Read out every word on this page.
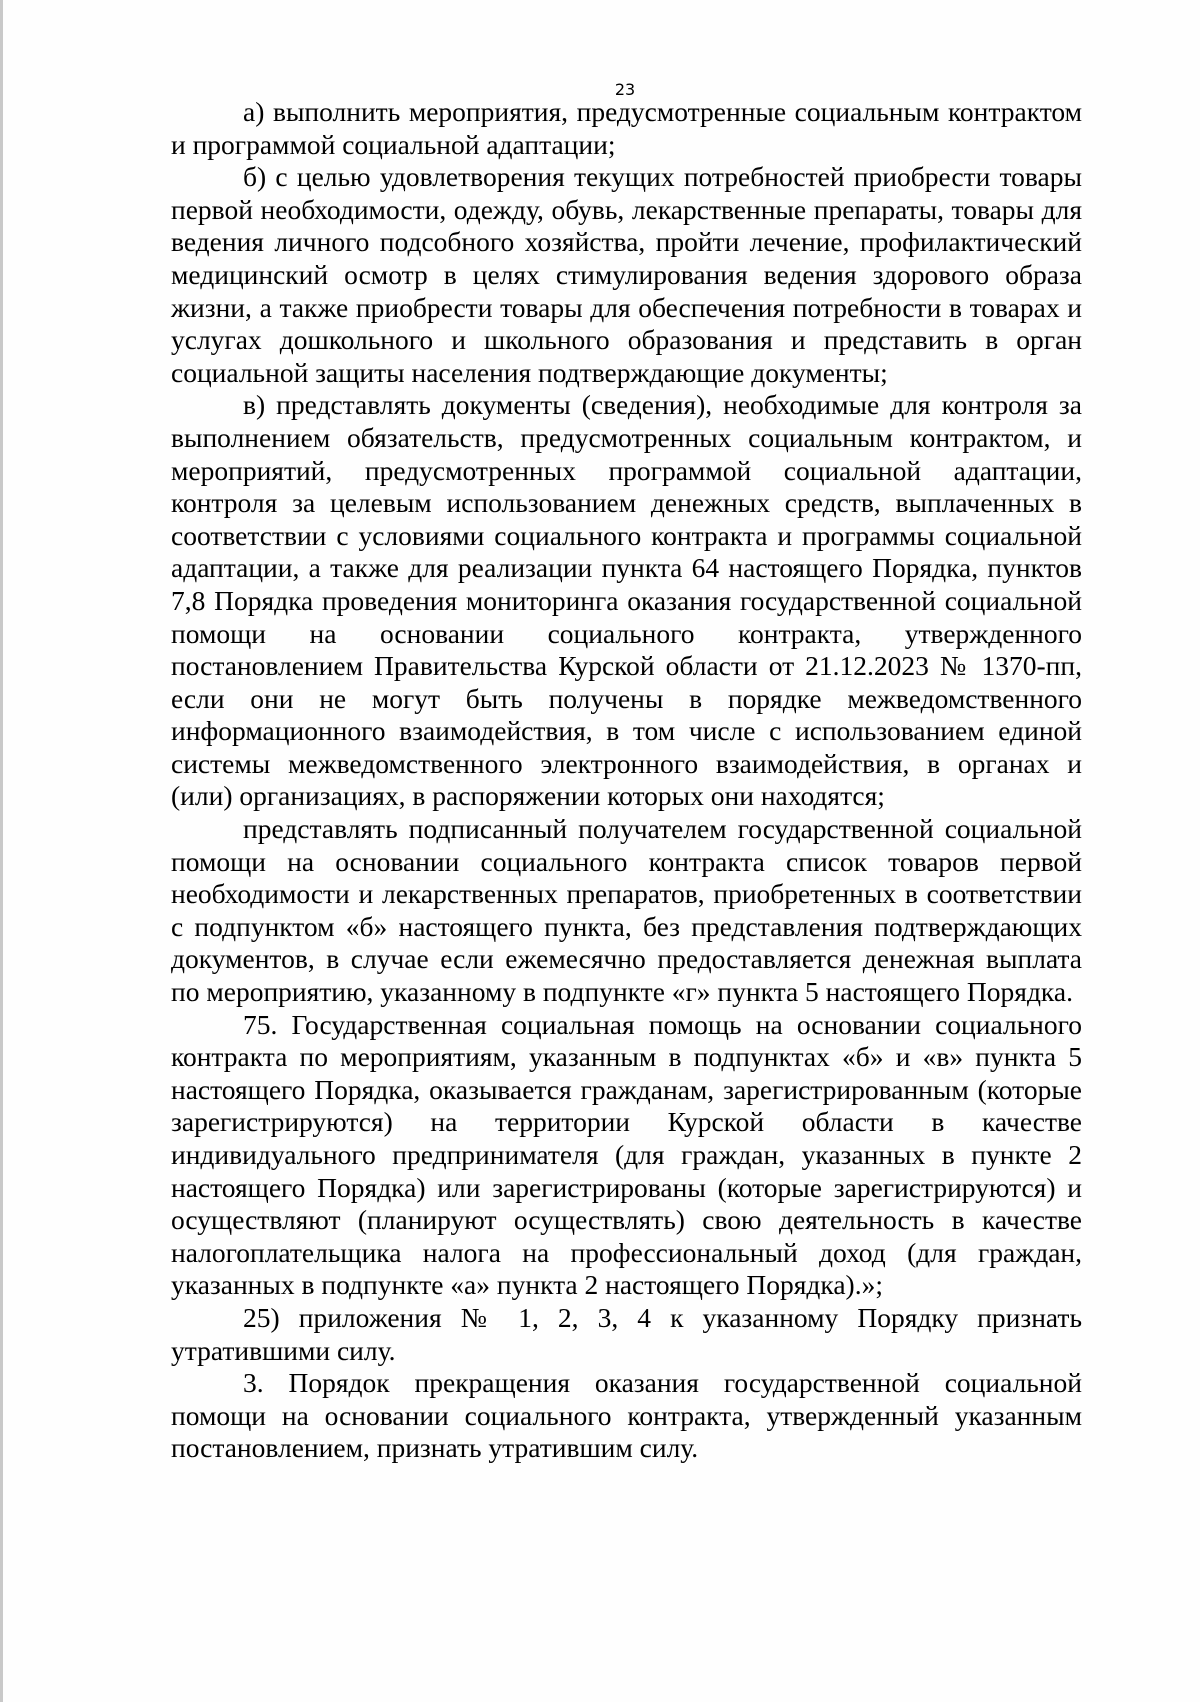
23

а) выполнить мероприятия, предусмотренные социальным контрактом и программой социальной адаптации;

б) с целью удовлетворения текущих потребностей приобрести товары первой необходимости, одежду, обувь, лекарственные препараты, товары для ведения личного подсобного хозяйства, пройти лечение, профилактический медицинский осмотр в целях стимулирования ведения здорового образа жизни, а также приобрести товары для обеспечения потребности в товарах и услугах дошкольного и школьного образования и представить в орган социальной защиты населения подтверждающие документы;

в) представлять документы (сведения), необходимые для контроля за выполнением обязательств, предусмотренных социальным контрактом, и мероприятий, предусмотренных программой социальной адаптации, контроля за целевым использованием денежных средств, выплаченных в соответствии с условиями социального контракта и программы социальной адаптации, а также для реализации пункта 64 настоящего Порядка, пунктов 7,8 Порядка проведения мониторинга оказания государственной социальной помощи на основании социального контракта, утвержденного постановлением Правительства Курской области от 21.12.2023 № 1370-пп, если они не могут быть получены в порядке межведомственного информационного взаимодействия, в том числе с использованием единой системы межведомственного электронного взаимодействия, в органах и (или) организациях, в распоряжении которых они находятся;

представлять подписанный получателем государственной социальной помощи на основании социального контракта список товаров первой необходимости и лекарственных препаратов, приобретенных в соответствии с подпунктом «б» настоящего пункта, без представления подтверждающих документов, в случае если ежемесячно предоставляется денежная выплата по мероприятию, указанному в подпункте «г» пункта 5 настоящего Порядка.

75. Государственная социальная помощь на основании социального контракта по мероприятиям, указанным в подпунктах «б» и «в» пункта 5 настоящего Порядка, оказывается гражданам, зарегистрированным (которые зарегистрируются) на территории Курской области в качестве индивидуального предпринимателя (для граждан, указанных в пункте 2 настоящего Порядка) или зарегистрированы (которые зарегистрируются) и осуществляют (планируют осуществлять) свою деятельность в качестве налогоплательщика налога на профессиональный доход (для граждан, указанных в подпункте «а» пункта 2 настоящего Порядка).»;

25) приложения № 1, 2, 3, 4 к указанному Порядку признать утратившими силу.

3. Порядок прекращения оказания государственной социальной помощи на основании социального контракта, утвержденный указанным постановлением, признать утратившим силу.
